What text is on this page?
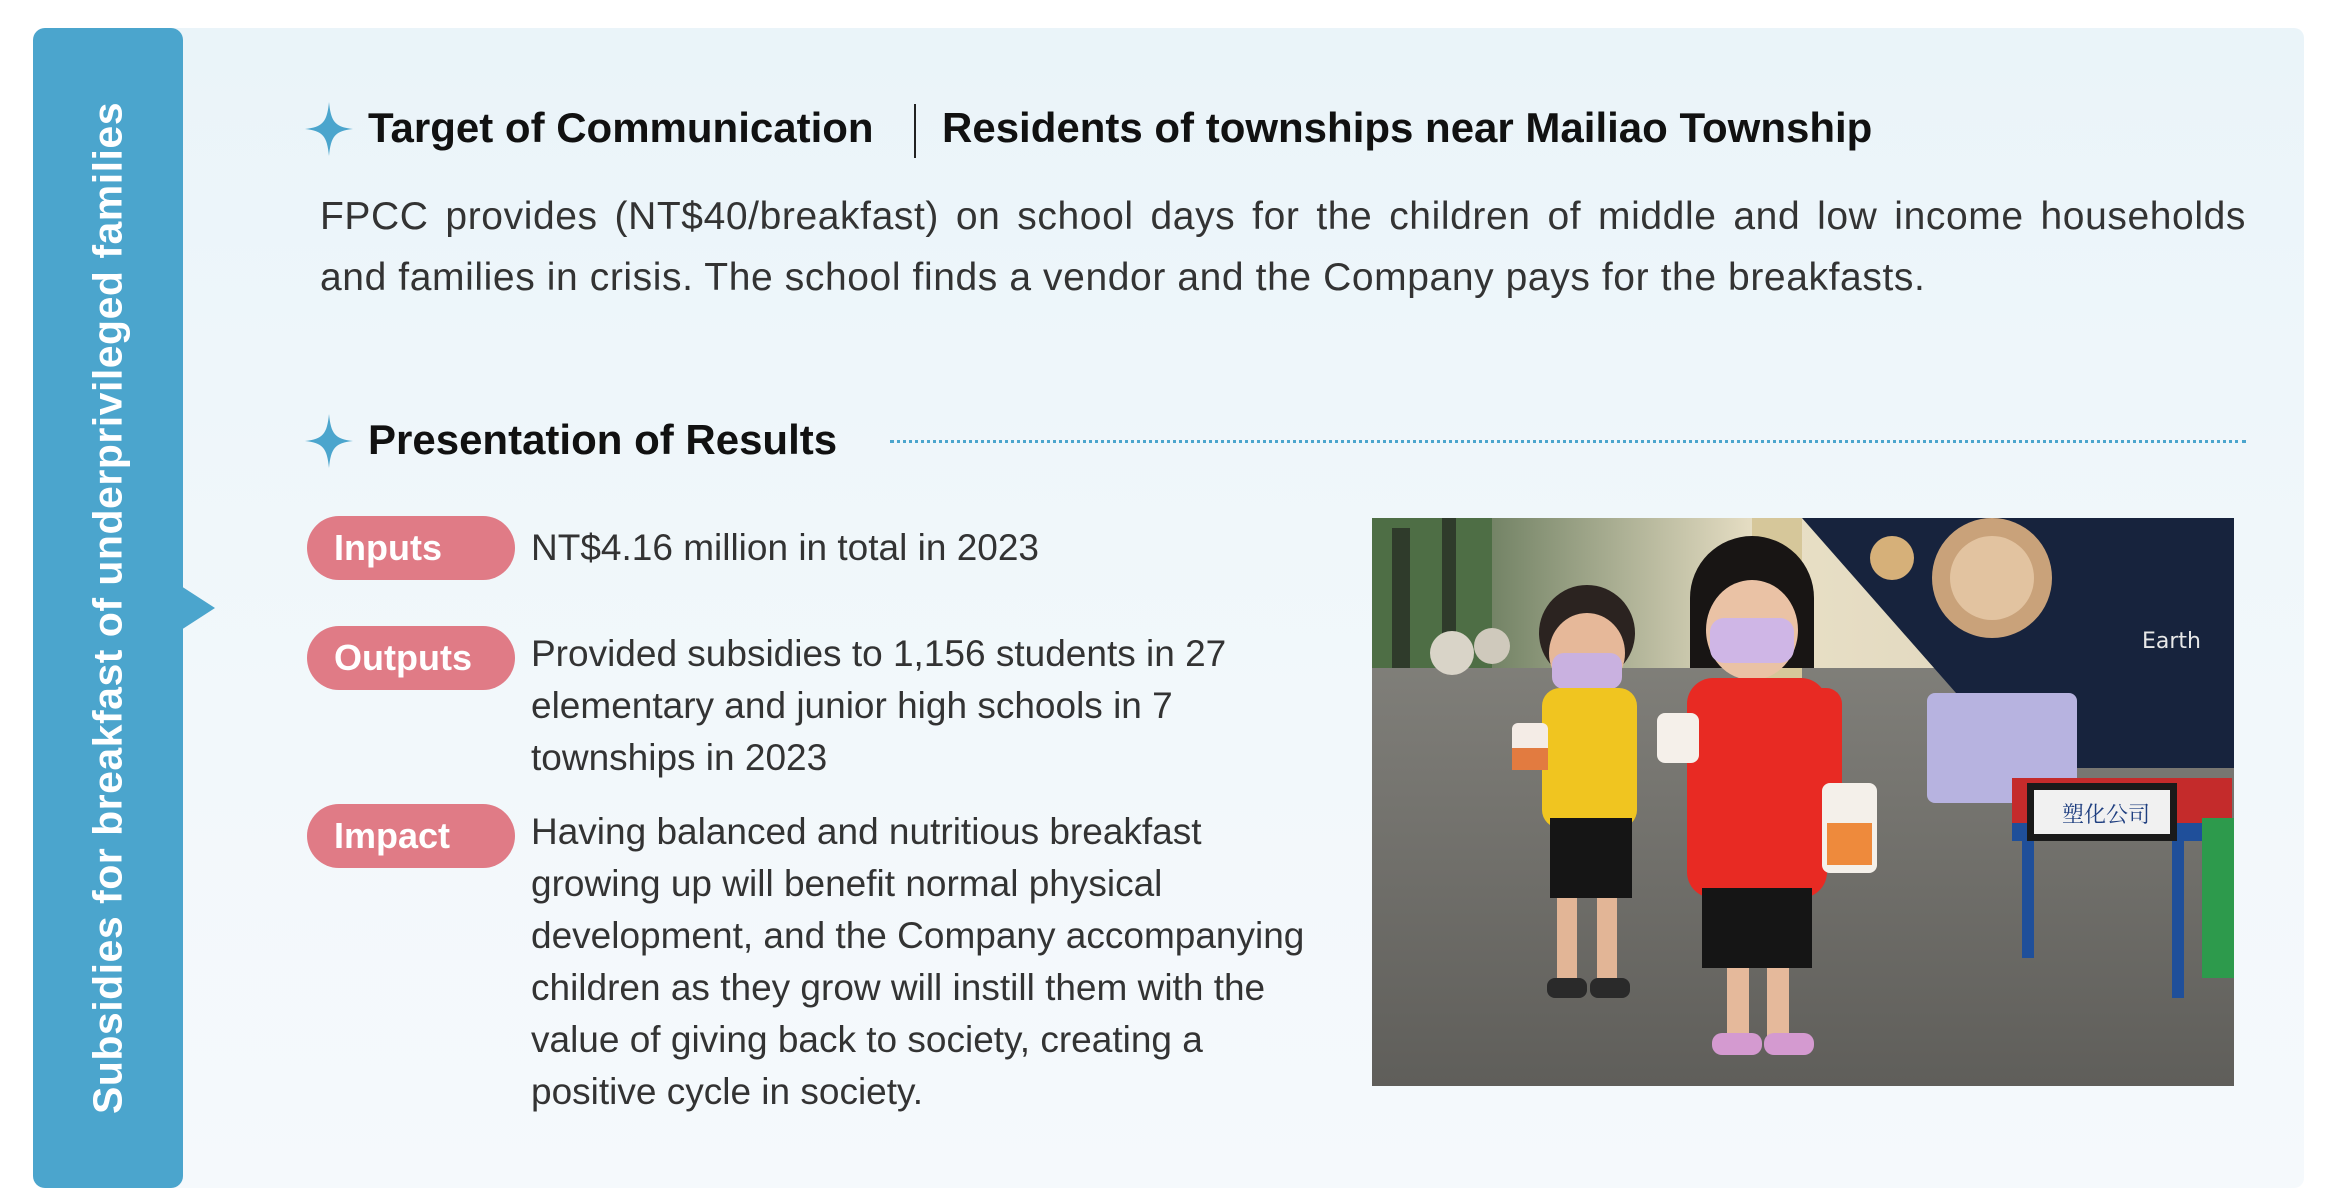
Subsidies for breakfast of underprivileged families	Target of Communication Residents of townships near Mailiao Township
FPCC provides (NT$40/breakfast) on school days for the children of middle and low income households and families in crisis. The school finds a vendor and the Company pays for the breakfasts.
Presentation of Results
Inputs	NT$4.16 million in total in 2023
Outputs	Provided subsidies to 1,156 students in 27 elementary and junior high schools in 7 townships in 2023
Impact	Having balanced and nutritious breakfast growing up will benefit normal physical development, and the Company accompanying children as they grow will instill them with the value of giving back to society, creating a positive cycle in society.
Earth
塑化公司
